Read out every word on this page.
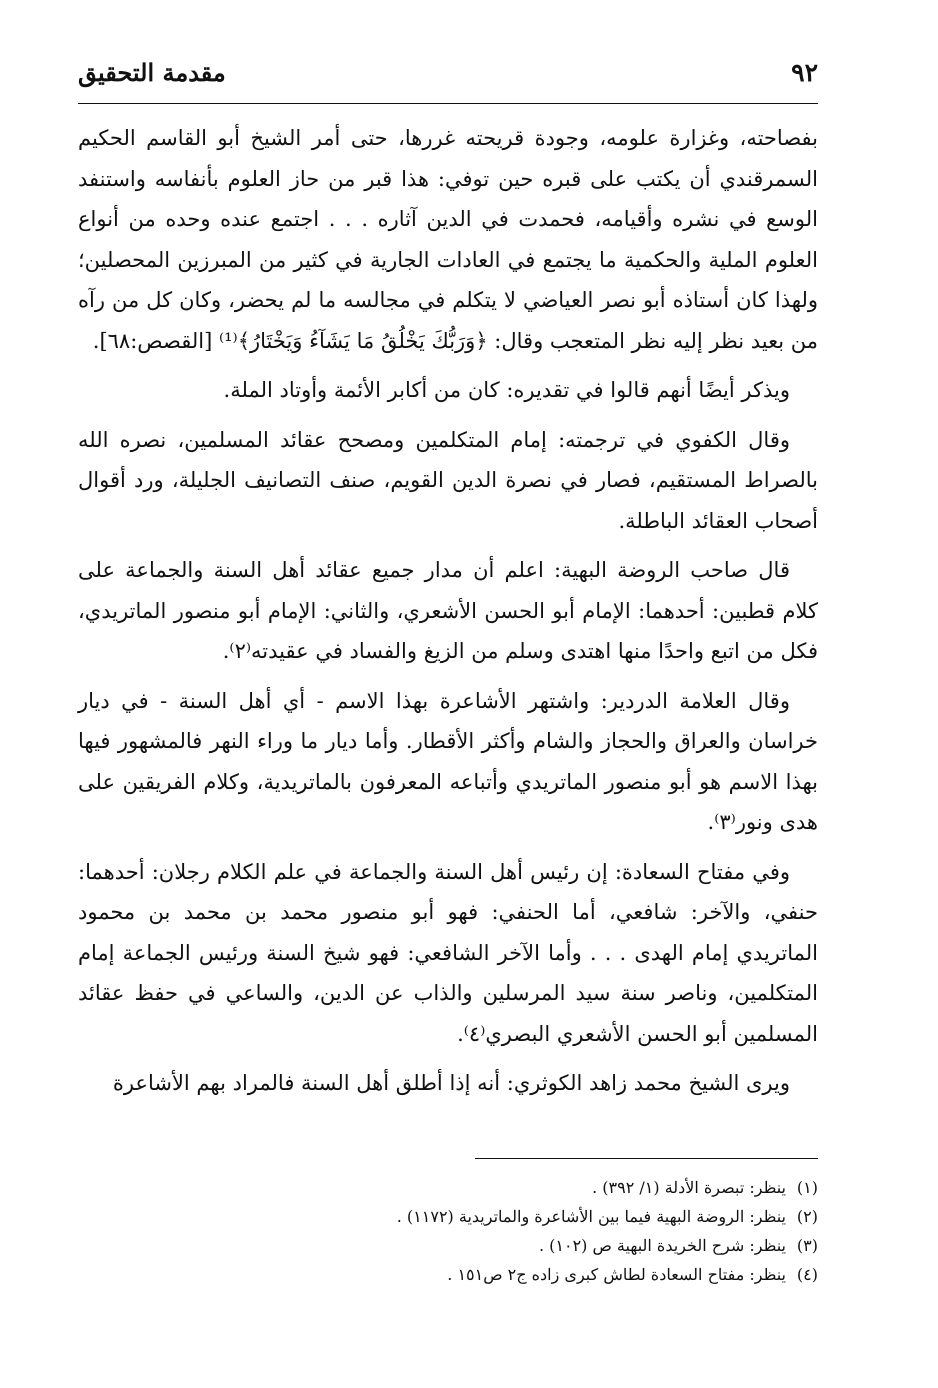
٩٢
مقدمة التحقيق

بفصاحته، وغزارة علومه، وجودة قريحته غررها، حتى أمر الشيخ أبو القاسم الحكيم السمرقندي أن يكتب على قبره حين توفي: هذا قبر من حاز العلوم بأنفاسه واستنفد الوسع في نشره وأقيامه، فحمدت في الدين آثاره . . . اجتمع عنده وحده من أنواع العلوم الملية والحكمية ما يجتمع في العادات الجارية في كثير من المبرزين المحصلين؛ ولهذا كان أستاذه أبو نصر العياضي لا يتكلم في مجالسه ما لم يحضر، وكان كل من رآه من بعيد نظر إليه نظر المتعجب وقال: ﴿وَرَبُّكَ يَخْلُقُ مَا يَشَآءُ وَيَخْتَارُ﴾⁽¹⁾ [القصص:٦٨].

ويذكر أيضًا أنهم قالوا في تقديره: كان من أكابر الأئمة وأوتاد الملة.

وقال الكفوي في ترجمته: إمام المتكلمين ومصحح عقائد المسلمين، نصره الله بالصراط المستقيم، فصار في نصرة الدين القويم، صنف التصانيف الجليلة، ورد أقوال أصحاب العقائد الباطلة.

قال صاحب الروضة البهية: اعلم أن مدار جميع عقائد أهل السنة والجماعة على كلام قطبين: أحدهما: الإمام أبو الحسن الأشعري، والثاني: الإمام أبو منصور الماتريدي، فكل من اتبع واحدًا منها اهتدى وسلم من الزيغ والفساد في عقيدته⁽٢⁾.

وقال العلامة الدردير: واشتهر الأشاعرة بهذا الاسم - أي أهل السنة - في ديار خراسان والعراق والحجاز والشام وأكثر الأقطار. وأما ديار ما وراء النهر فالمشهور فيها بهذا الاسم هو أبو منصور الماتريدي وأتباعه المعرفون بالماتريدية، وكلام الفريقين على هدى ونور⁽٣⁾.

وفي مفتاح السعادة: إن رئيس أهل السنة والجماعة في علم الكلام رجلان: أحدهما: حنفي، والآخر: شافعي، أما الحنفي: فهو أبو منصور محمد بن محمد بن محمود الماتريدي إمام الهدى . . . وأما الآخر الشافعي: فهو شيخ السنة ورئيس الجماعة إمام المتكلمين، وناصر سنة سيد المرسلين والذاب عن الدين، والساعي في حفظ عقائد المسلمين أبو الحسن الأشعري البصري⁽٤⁾.

ويرى الشيخ محمد زاهد الكوثري: أنه إذا أطلق أهل السنة فالمراد بهم الأشاعرة

(١)
ينظر: تبصرة الأدلة (١/ ٣٩٢) .
(٢)
ينظر: الروضة البهية فيما بين الأشاعرة والماتريدية (١١٧٢) .
(٣)
ينظر: شرح الخريدة البهية ص (١٠٢) .
(٤)
ينظر: مفتاح السعادة لطاش كبرى زاده ج٢ ص١٥١ .
